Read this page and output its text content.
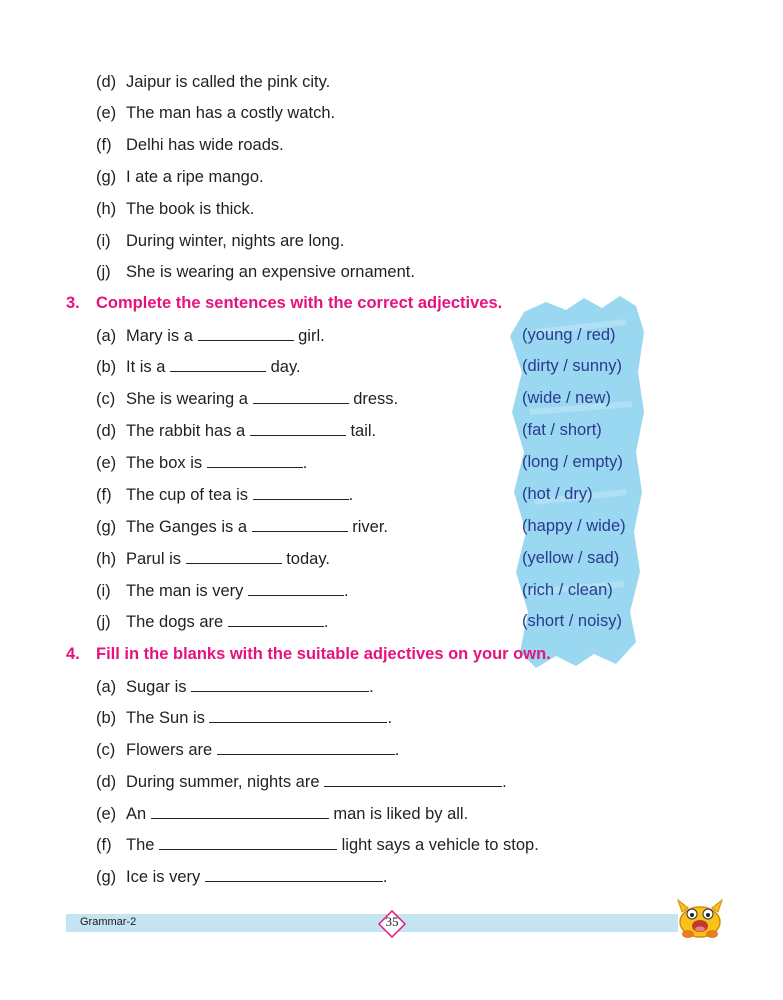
(d) Jaipur is called the pink city.
(e) The man has a costly watch.
(f) Delhi has wide roads.
(g) I ate a ripe mango.
(h) The book is thick.
(i) During winter, nights are long.
(j) She is wearing an expensive ornament.
3. Complete the sentences with the correct adjectives.
(a) Mary is a	girl.	(young / red)
(b) It is a	day.	(dirty / sunny)
(c) She is wearing a	dress.	(wide / new)
(d) The rabbit has a	tail.	(fat / short)
(e) The box is	.	(long / empty)
(f) The cup of tea is	.	(hot / dry)
(g) The Ganges is a	river.	(happy / wide)
(h) Parul is	today.	(yellow / sad)
(i) The man is very	.	(rich / clean)
(j) The dogs are	.	(short / noisy)
4. Fill in the blanks with the suitable adjectives on your own.
(a) Sugar is	.
(b) The Sun is	.
(c) Flowers are	.
(d) During summer, nights are	.
(e) An	man is liked by all.
(f) The	light says a vehicle to stop.
(g) Ice is very	.
Grammar-2	35
